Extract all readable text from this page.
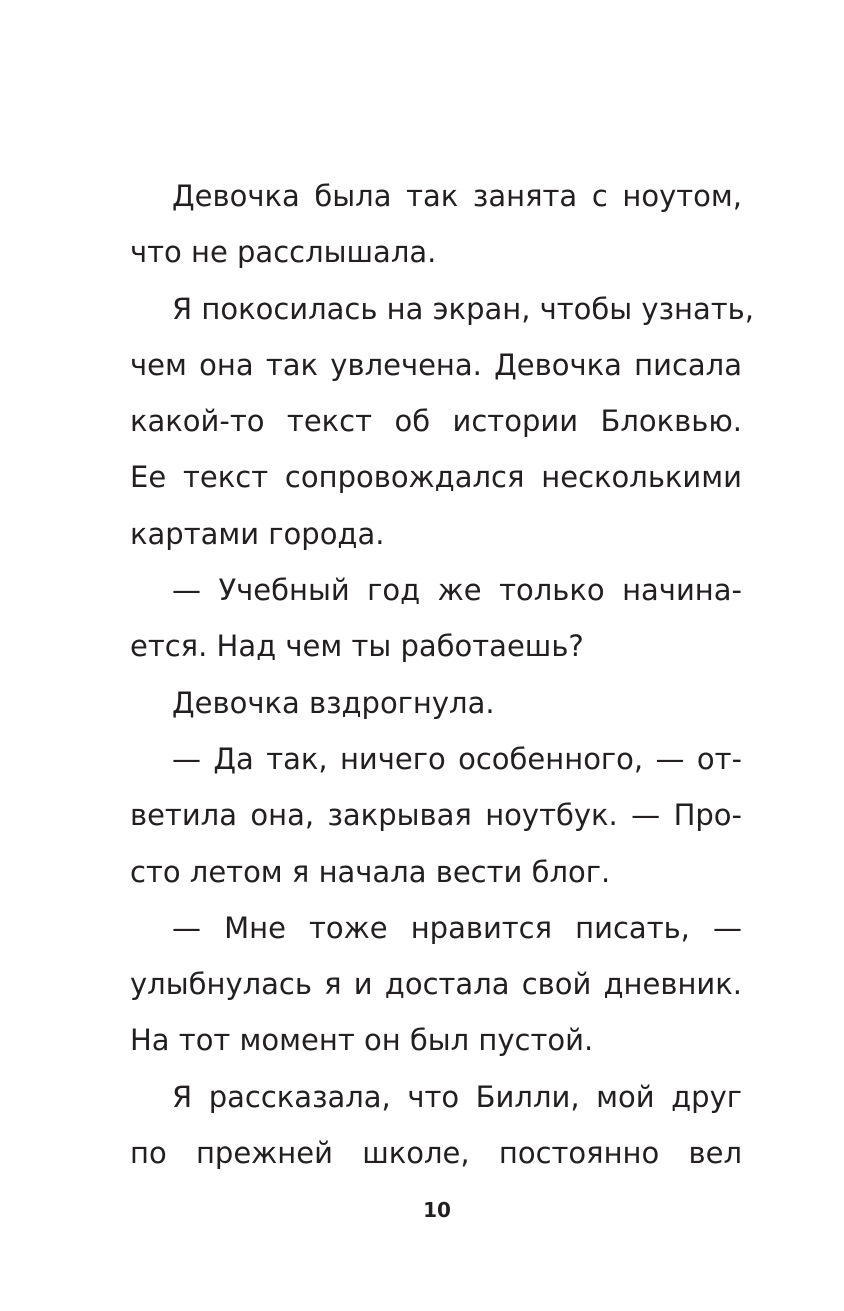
Девочка была так занята с ноутом,
что не расслышала.
Я покосилась на экран, чтобы узнать,
чем она так увлечена. Девочка писала
какой-то текст об истории Блоквью.
Ее текст сопровождался несколькими
картами города.
— Учебный год же только начина-
ется. Над чем ты работаешь?
Девочка вздрогнула.
— Да так, ничего особенного, — от-
ветила она, закрывая ноутбук. — Про-
сто летом я начала вести блог.
— Мне тоже нравится писать, —
улыбнулась я и достала свой дневник.
На тот момент он был пустой.
Я рассказала, что Билли, мой друг
по прежней школе, постоянно вел
10
